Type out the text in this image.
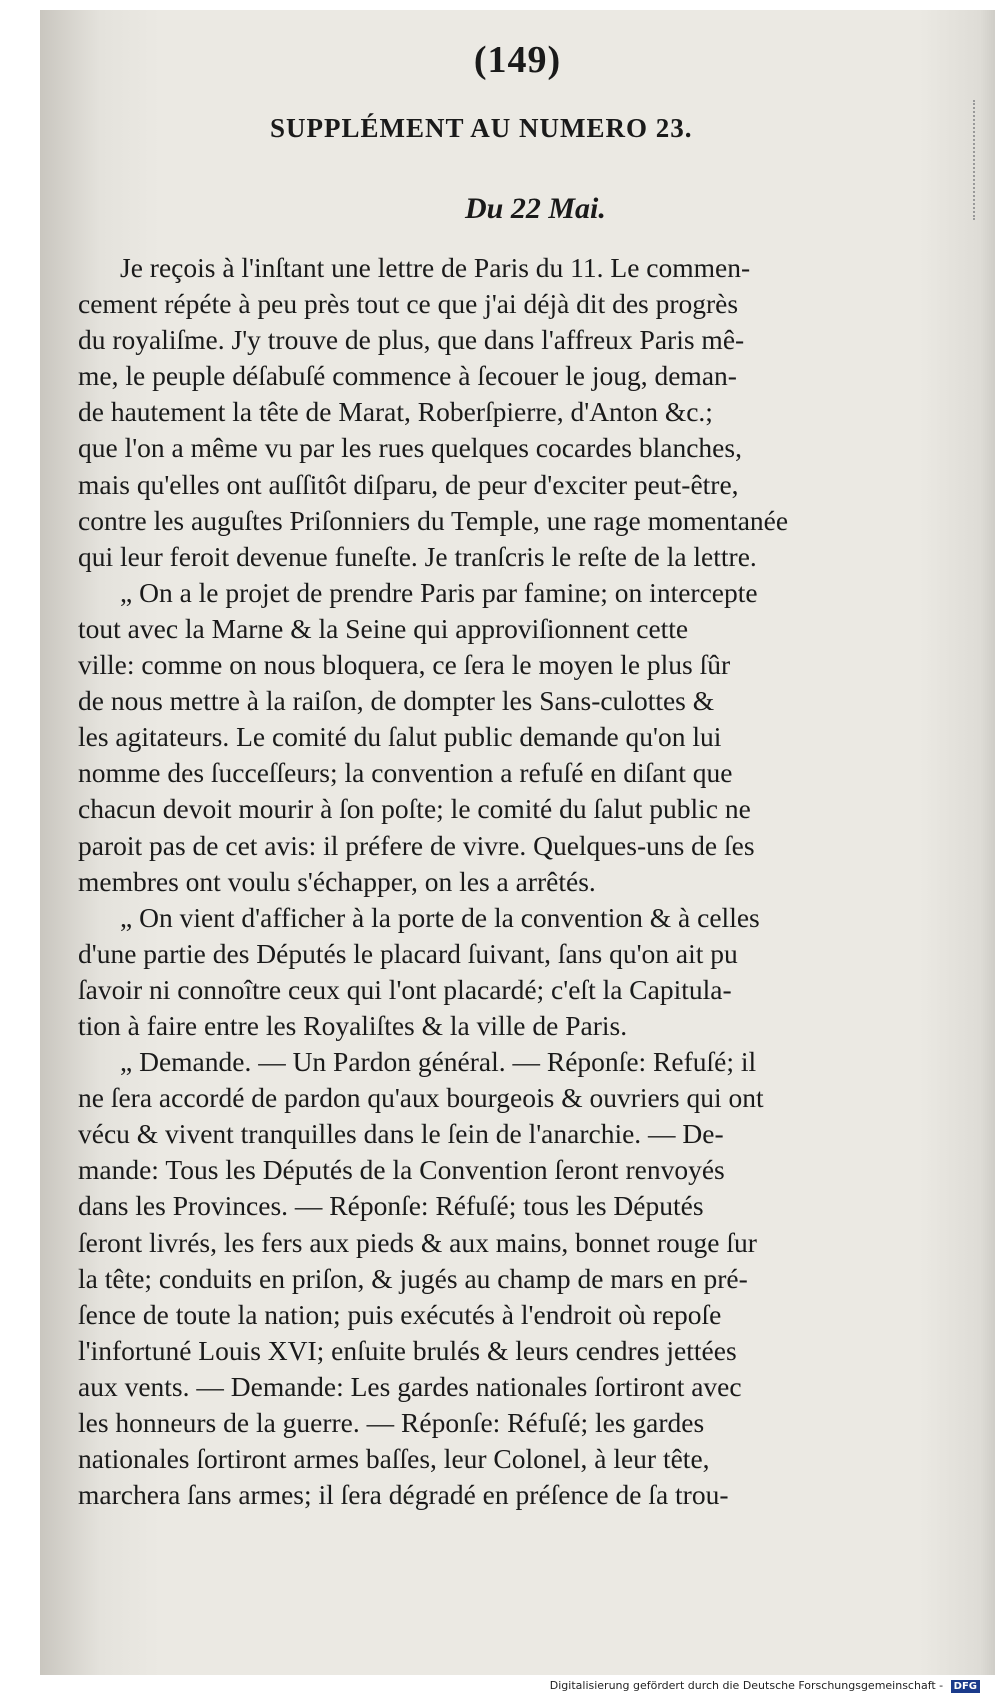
(149)
SUPPLÉMENT AU NUMERO 23.
Du 22 Mai.
Je reçois à l'inſtant une lettre de Paris du 11. Le commen-
cement répéte à peu près tout ce que j'ai déjà dit des progrès
du royaliſme. J'y trouve de plus, que dans l'affreux Paris mê-
me, le peuple déſabuſé commence à ſecouer le joug, deman-
de hautement la tête de Marat, Roberſpierre, d'Anton &c.;
que l'on a même vu par les rues quelques cocardes blanches,
mais qu'elles ont auſſitôt diſparu, de peur d'exciter peut-être,
contre les auguſtes Priſonniers du Temple, une rage momentanée
qui leur feroit devenue funeſte. Je tranſcris le reſte de la lettre.
„ On a le projet de prendre Paris par famine; on intercepte
tout avec la Marne & la Seine qui approviſionnent cette
ville: comme on nous bloquera, ce ſera le moyen le plus ſûr
de nous mettre à la raiſon, de dompter les Sans-culottes &
les agitateurs. Le comité du ſalut public demande qu'on lui
nomme des ſucceſſeurs; la convention a refuſé en diſant que
chacun devoit mourir à ſon poſte; le comité du ſalut public ne
paroit pas de cet avis: il préfere de vivre. Quelques-uns de ſes
membres ont voulu s'échapper, on les a arrêtés.
„ On vient d'afficher à la porte de la convention & à celles
d'une partie des Députés le placard ſuivant, ſans qu'on ait pu
ſavoir ni connoître ceux qui l'ont placardé; c'eſt la Capitula-
tion à faire entre les Royaliſtes & la ville de Paris.
„ Demande. — Un Pardon général. — Réponſe: Refuſé; il
ne ſera accordé de pardon qu'aux bourgeois & ouvriers qui ont
vécu & vivent tranquilles dans le ſein de l'anarchie. — De-
mande: Tous les Députés de la Convention ſeront renvoyés
dans les Provinces. — Réponſe: Réfuſé; tous les Députés
ſeront livrés, les fers aux pieds & aux mains, bonnet rouge ſur
la tête; conduits en priſon, & jugés au champ de mars en pré-
ſence de toute la nation; puis exécutés à l'endroit où repoſe
l'infortuné Louis XVI; enſuite brulés & leurs cendres jettées
aux vents. — Demande: Les gardes nationales ſortiront avec
les honneurs de la guerre. — Réponſe: Réfuſé; les gardes
nationales ſortiront armes baſſes, leur Colonel, à leur tête,
marchera ſans armes; il ſera dégradé en préſence de ſa trou-
Digitalisierung gefördert durch die Deutsche Forschungsgemeinschaft - DFG
